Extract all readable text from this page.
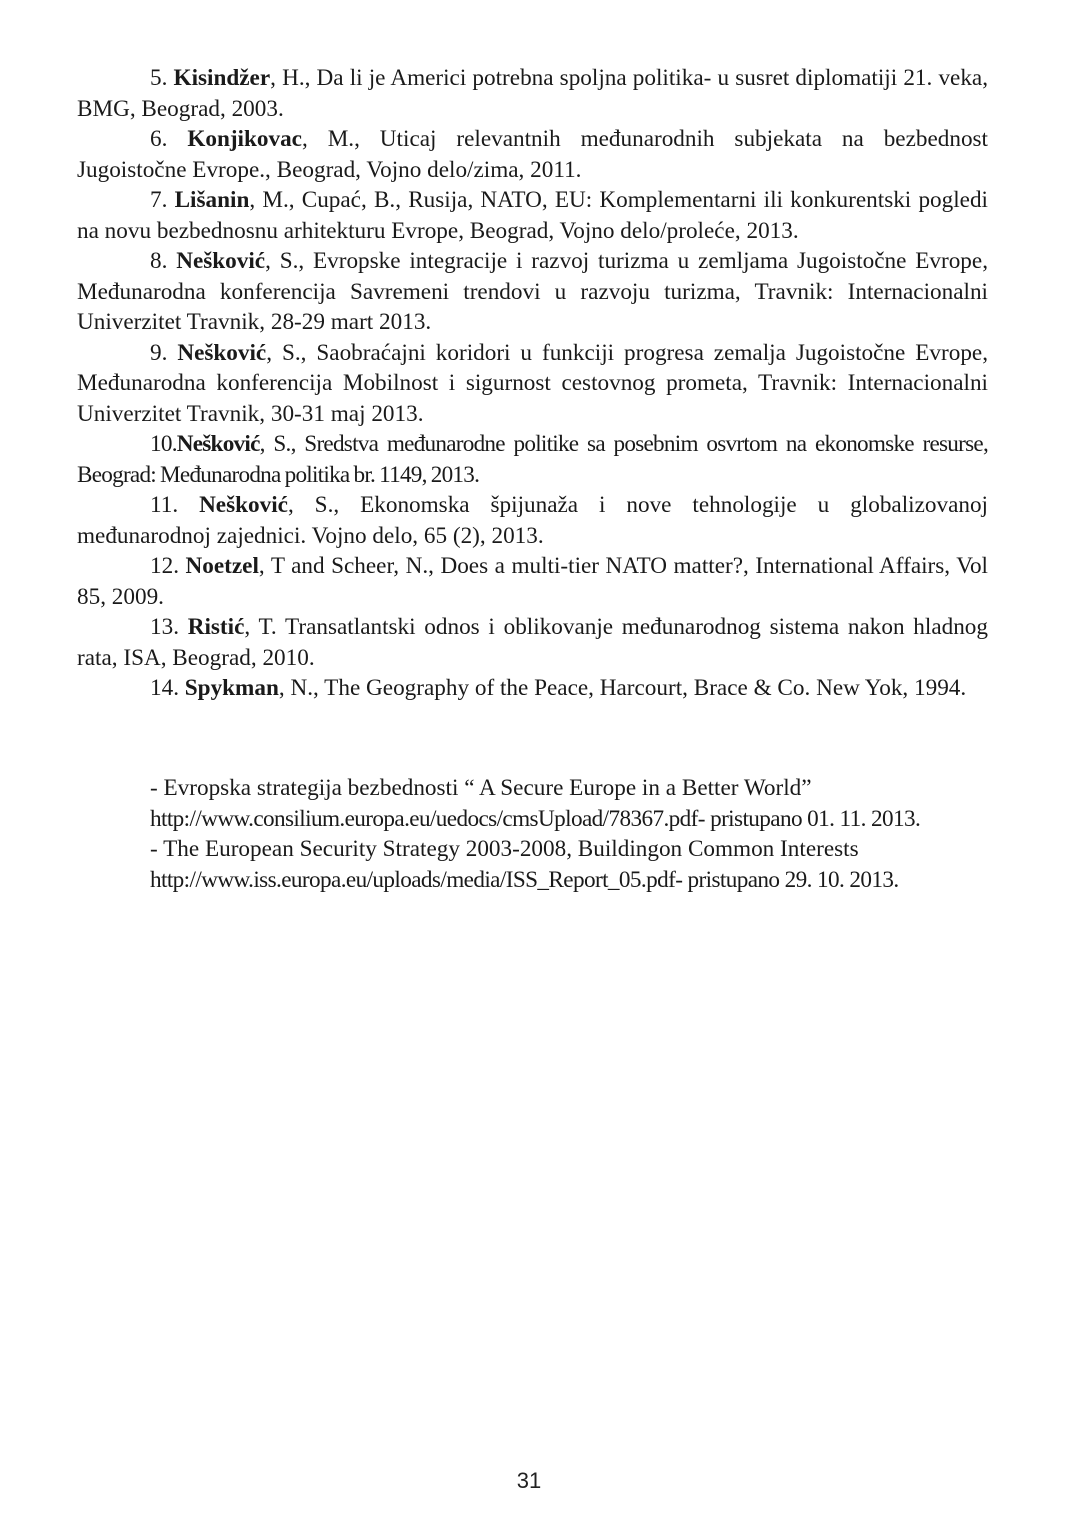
5. Kisindžer, H., Da li je Americi potrebna spoljna politika- u susret diplomatiji 21. veka, BMG, Beograd, 2003.

6. Konjikovac, M., Uticaj relevantnih međunarodnih subjekata na bezbednost Jugoistočne Evrope., Beograd, Vojno delo/zima, 2011.

7. Lišanin, M., Cupać, B., Rusija, NATO, EU: Komplementarni ili konkurentski pogledi na novu bezbednosnu arhitekturu Evrope, Beograd, Vojno delo/proleće, 2013.

8. Nešković, S., Evropske integracije i razvoj turizma u zemljama Jugoistočne Evrope, Međunarodna konferencija Savremeni trendovi u razvoju turizma, Travnik: Internacionalni Univerzitet Travnik, 28-29 mart 2013.

9. Nešković, S., Saobraćajni koridori u funkciji progresa zemalja Jugoistočne Evrope, Međunarodna konferencija Mobilnost i sigurnost cestovnog prometa, Travnik: Internacionalni Univerzitet Travnik, 30-31 maj 2013.

10.Nešković, S., Sredstva međunarodne politike sa posebnim osvrtom na ekonomske resurse, Beograd: Međunarodna politika br. 1149, 2013.

11. Nešković, S., Ekonomska špijunaža i nove tehnologije u globalizovanoj međunarodnoj zajednici. Vojno delo, 65 (2), 2013.

12. Noetzel, T and Scheer, N., Does a multi-tier NATO matter?, International Affairs, Vol 85, 2009.

13. Ristić, T. Transatlantski odnos i oblikovanje međunarodnog sistema nakon hladnog rata, ISA, Beograd, 2010.

14. Spykman, N., The Geography of the Peace, Harcourt, Brace & Co. New Yok, 1994.

- Evropska strategija bezbednosti “ A Secure Europe in a Better World”

http://www.consilium.europa.eu/uedocs/cmsUpload/78367.pdf- pristupano 01. 11. 2013.

- The European Security Strategy 2003-2008, Buildingon Common Interests

http://www.iss.europa.eu/uploads/media/ISS_Report_05.pdf- pristupano 29. 10. 2013.

31
